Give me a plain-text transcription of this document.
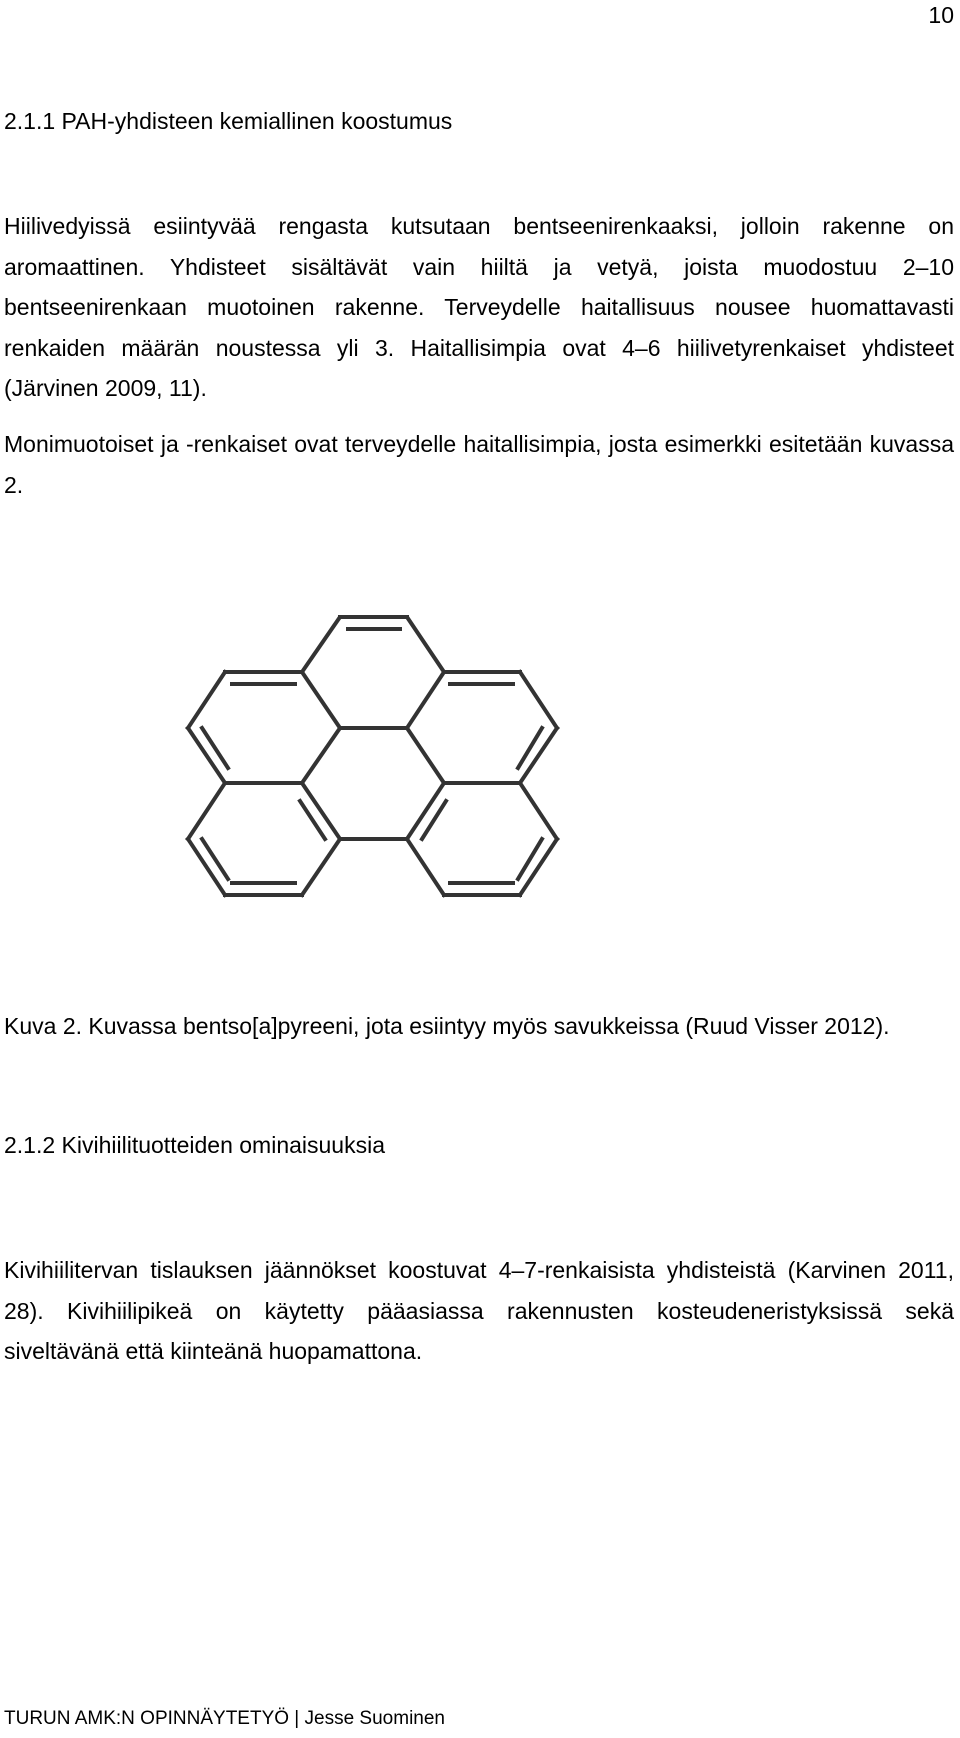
10
2.1.1 PAH-yhdisteen kemiallinen koostumus

Hiilivedyissä esiintyvää rengasta kutsutaan bentseenirenkaaksi, jolloin rakenne on aromaattinen. Yhdisteet sisältävät vain hiiltä ja vetyä, joista muodostuu 2–10 bentseenirenkaan muotoinen rakenne. Terveydelle haitallisuus nousee huomattavasti renkaiden määrän noustessa yli 3. Haitallisimpia ovat 4–6 hiilivetyrenkaiset yhdisteet (Järvinen 2009, 11).

Monimuotoiset ja -renkaiset ovat terveydelle haitallisimpia, josta esimerkki esitetään kuvassa 2.

Kuva 2. Kuvassa bentso[a]pyreeni, jota esiintyy myös savukkeissa (Ruud Visser 2012).

2.1.2 Kivihiilituotteiden ominaisuuksia

Kivihiilitervan tislauksen jäännökset koostuvat 4–7-renkaisista yhdisteistä (Karvinen 2011, 28). Kivihiilipikeä on käytetty pääasiassa rakennusten kosteudeneristyksissä sekä siveltävänä että kiinteänä huopamattona.

TURUN AMK:N OPINNÄYTETYÖ | Jesse Suominen
